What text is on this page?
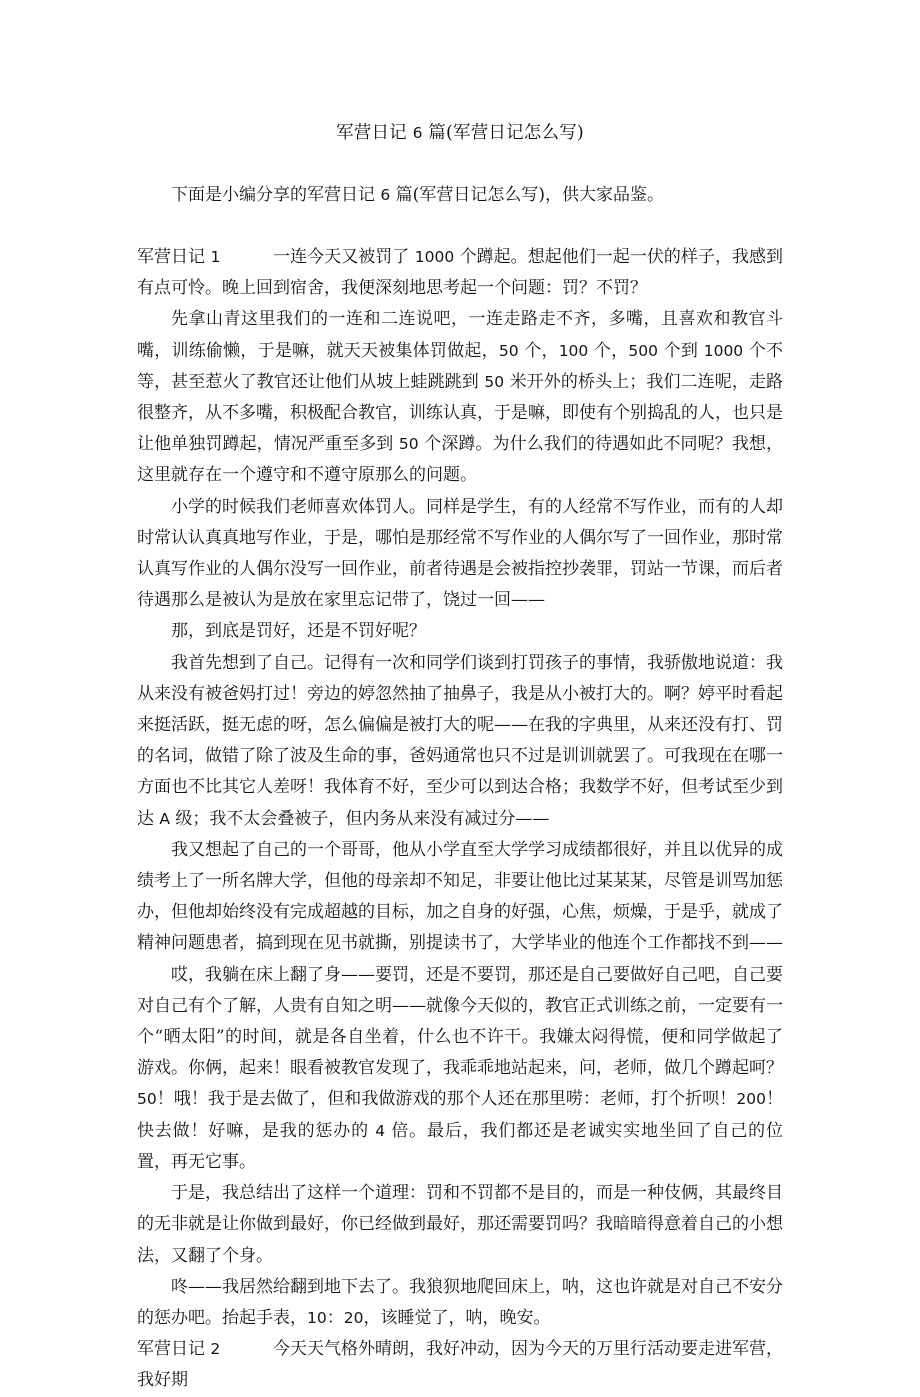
军营日记 6 篇(军营日记怎么写)

下面是小编分享的军营日记 6 篇(军营日记怎么写)，供大家品鉴。

军营日记 1	一连今天又被罚了 1000 个蹲起。想起他们一起一伏的样子，我感到有点可怜。晚上回到宿舍，我便深刻地思考起一个问题：罚？不罚？

先拿山青这里我们的一连和二连说吧，一连走路走不齐，多嘴，且喜欢和教官斗嘴，训练偷懒，于是嘛，就天天被集体罚做起，50 个，100 个，500 个到 1000 个不等，甚至惹火了教官还让他们从坡上蛙跳跳到 50 米开外的桥头上；我们二连呢，走路很整齐，从不多嘴，积极配合教官，训练认真，于是嘛，即使有个别捣乱的人，也只是让他单独罚蹲起，情况严重至多到 50 个深蹲。为什么我们的待遇如此不同呢？我想，这里就存在一个遵守和不遵守原那么的问题。

小学的时候我们老师喜欢体罚人。同样是学生，有的人经常不写作业，而有的人却时常认认真真地写作业，于是，哪怕是那经常不写作业的人偶尔写了一回作业，那时常认真写作业的人偶尔没写一回作业，前者待遇是会被指控抄袭罪，罚站一节课，而后者待遇那么是被认为是放在家里忘记带了，饶过一回——

那，到底是罚好，还是不罚好呢？

我首先想到了自己。记得有一次和同学们谈到打罚孩子的事情，我骄傲地说道：我从来没有被爸妈打过！旁边的婷忽然抽了抽鼻子，我是从小被打大的。啊？婷平时看起来挺活跃，挺无虑的呀，怎么偏偏是被打大的呢——在我的字典里，从来还没有打、罚的名词，做错了除了波及生命的事，爸妈通常也只不过是训训就罢了。可我现在在哪一方面也不比其它人差呀！我体育不好，至少可以到达合格；我数学不好，但考试至少到达 A 级；我不太会叠被子，但内务从来没有减过分——

我又想起了自己的一个哥哥，他从小学直至大学学习成绩都很好，并且以优异的成绩考上了一所名牌大学，但他的母亲却不知足，非要让他比过某某某，尽管是训骂加惩办，但他却始终没有完成超越的目标，加之自身的好强，心焦，烦燥，于是乎，就成了精神问题患者，搞到现在见书就撕，别提读书了，大学毕业的他连个工作都找不到——

哎，我躺在床上翻了身——要罚，还是不要罚，那还是自己要做好自己吧，自己要对自己有个了解，人贵有自知之明——就像今天似的，教官正式训练之前，一定要有一个“晒太阳”的时间，就是各自坐着，什么也不许干。我嫌太闷得慌，便和同学做起了游戏。你俩，起来！眼看被教官发现了，我乖乖地站起来，问，老师，做几个蹲起呵？50！哦！我于是去做了，但和我做游戏的那个人还在那里唠：老师，打个折呗！200！快去做！好嘛，是我的惩办的 4 倍。最后，我们都还是老诚实实地坐回了自己的位置，再无它事。

于是，我总结出了这样一个道理：罚和不罚都不是目的，而是一种伎俩，其最终目的无非就是让你做到最好，你已经做到最好，那还需要罚吗？我暗暗得意着自己的小想法，又翻了个身。

咚——我居然给翻到地下去了。我狼狈地爬回床上，呐，这也许就是对自己不安分的惩办吧。抬起手表，10：20，该睡觉了，呐，晚安。

军营日记 2	今天天气格外晴朗，我好冲动，因为今天的万里行活动要走进军营，我好期
